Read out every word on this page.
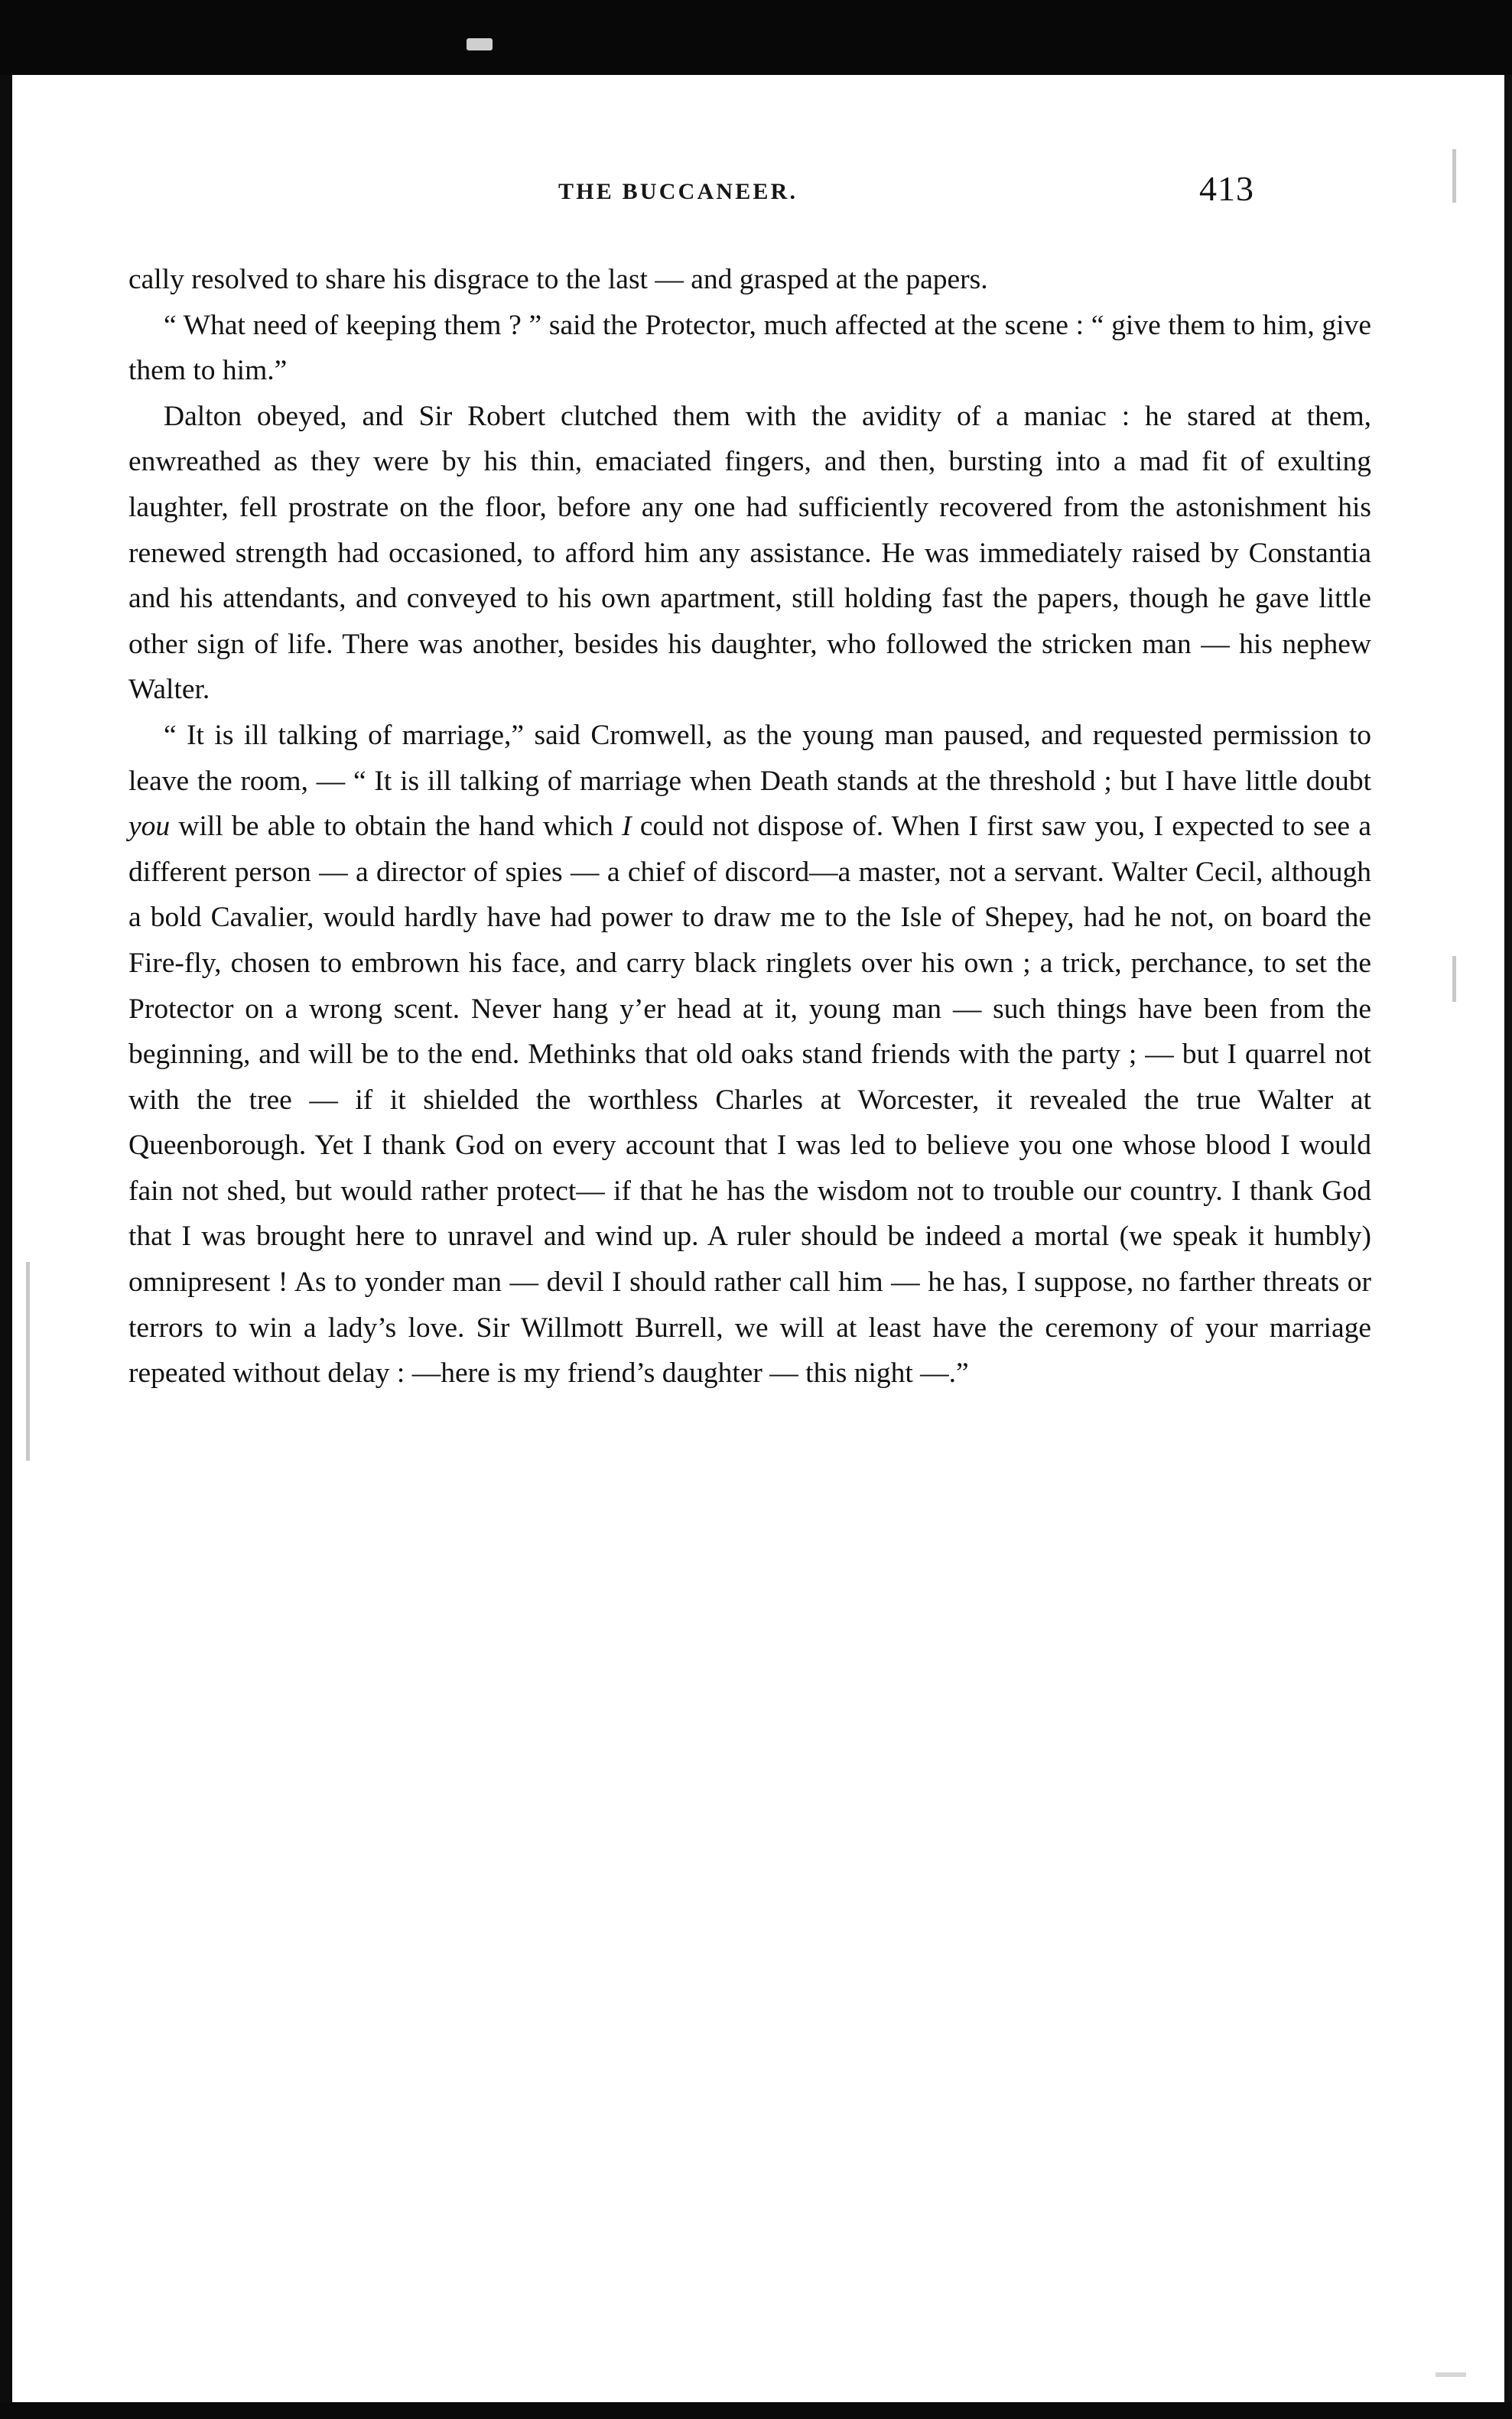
THE BUCCANEER.	413

cally resolved to share his disgrace to the last — and grasped at the papers.

“ What need of keeping them ? ” said the Protector, much affected at the scene : “ give them to him, give them to him.”

Dalton obeyed, and Sir Robert clutched them with the avidity of a maniac : he stared at them, enwreathed as they were by his thin, emaciated fingers, and then, bursting into a mad fit of exulting laughter, fell prostrate on the floor, before any one had sufficiently recovered from the astonishment his renewed strength had occasioned, to afford him any assistance. He was immediately raised by Constantia and his attendants, and conveyed to his own apartment, still holding fast the papers, though he gave little other sign of life. There was another, besides his daughter, who followed the stricken man — his nephew Walter.

“ It is ill talking of marriage,” said Cromwell, as the young man paused, and requested permission to leave the room, — “ It is ill talking of marriage when Death stands at the threshold ; but I have little doubt you will be able to obtain the hand which I could not dispose of. When I first saw you, I expected to see a different person — a director of spies — a chief of discord—a master, not a servant. Walter Cecil, although a bold Cavalier, would hardly have had power to draw me to the Isle of Shepey, had he not, on board the Fire-fly, chosen to embrown his face, and carry black ringlets over his own ; a trick, perchance, to set the Protector on a wrong scent. Never hang yʼer head at it, young man — such things have been from the beginning, and will be to the end. Methinks that old oaks stand friends with the party ; — but I quarrel not with the tree — if it shielded the worthless Charles at Worcester, it revealed the true Walter at Queenborough. Yet I thank God on every account that I was led to believe you one whose blood I would fain not shed, but would rather protect— if that he has the wisdom not to trouble our country. I thank God that I was brought here to unravel and wind up. A ruler should be indeed a mortal (we speak it humbly) omnipresent ! As to yonder man — devil I should rather call him — he has, I suppose, no farther threats or terrors to win a lady’s love. Sir Willmott Burrell, we will at least have the ceremony of your marriage repeated without delay : —here is my friend’s daughter — this night —.”
